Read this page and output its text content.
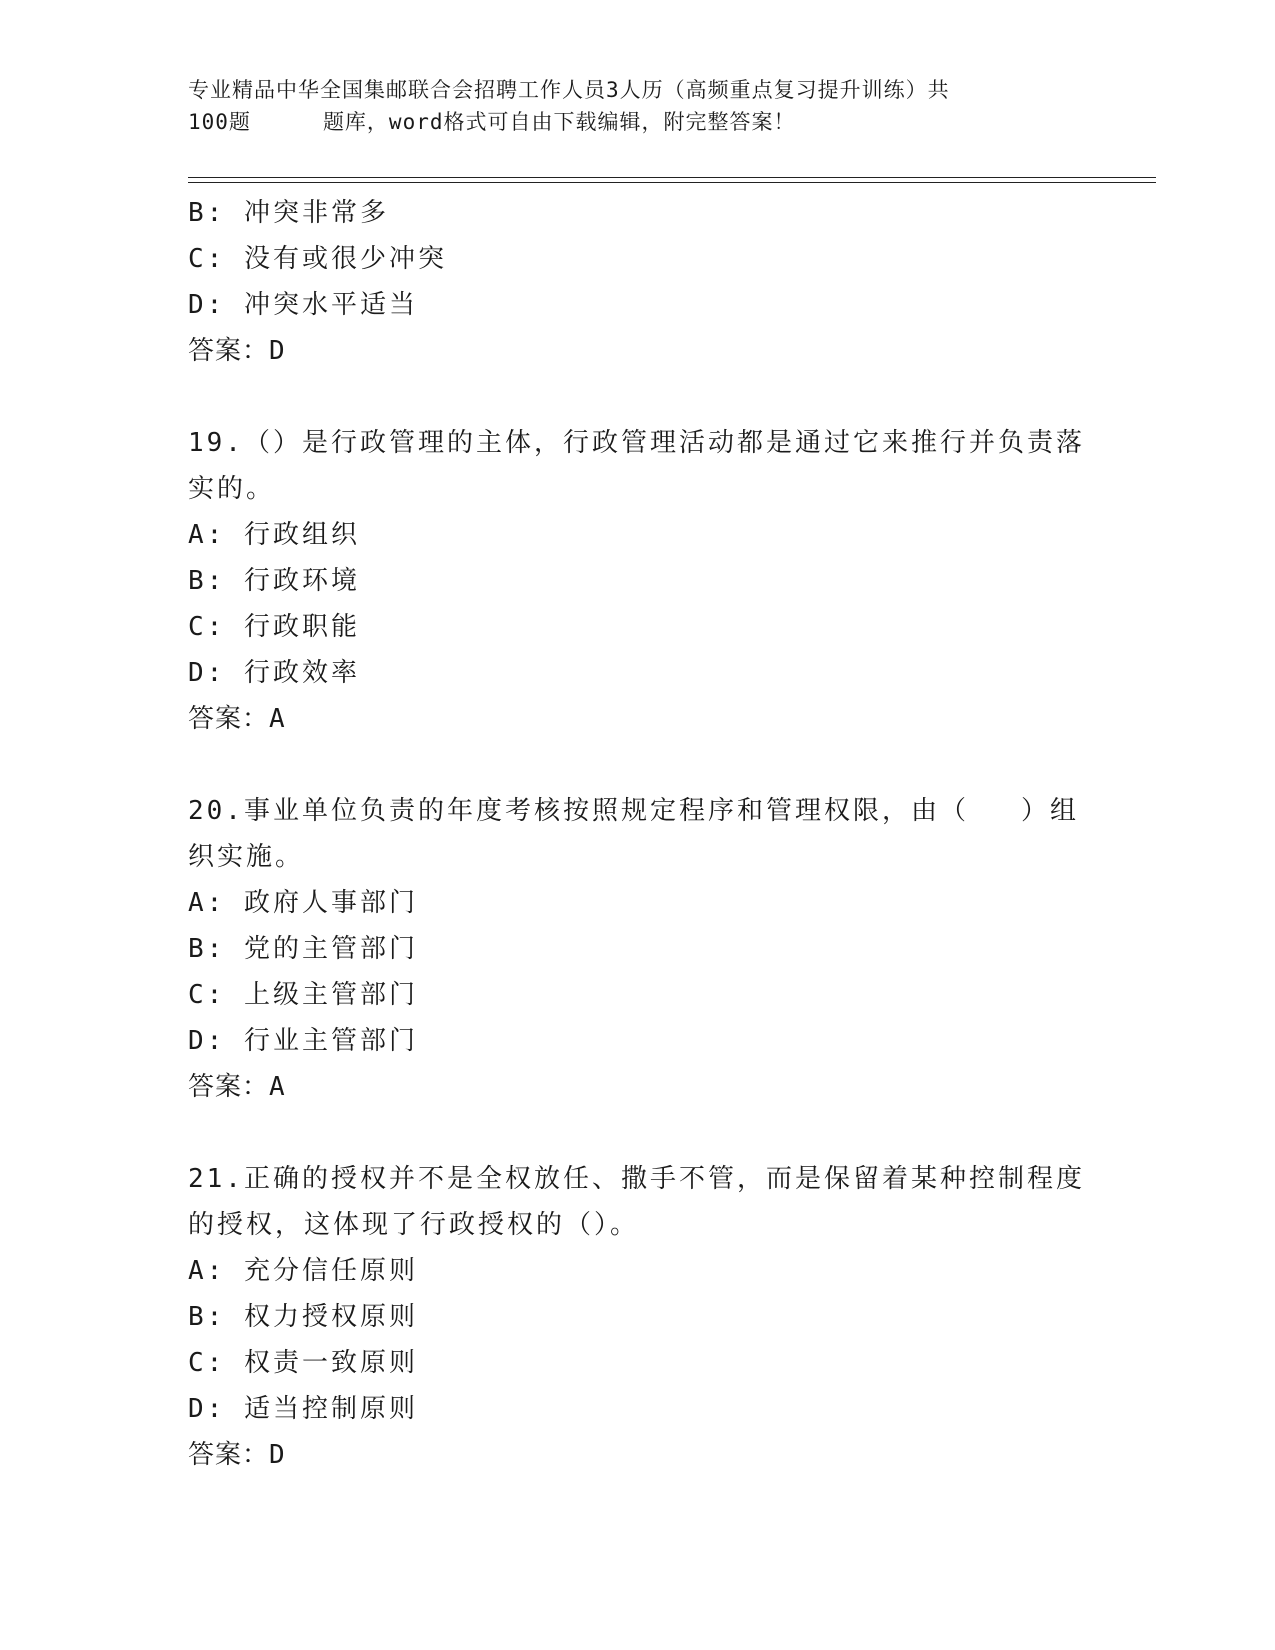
专业精品中华全国集邮联合会招聘工作人员3人历（高频重点复习提升训练）共
100题	题库，word格式可自由下载编辑，附完整答案！
B: 冲突非常多
C: 没有或很少冲突
D: 冲突水平适当
答案：D
19.（）是行政管理的主体，行政管理活动都是通过它来推行并负责落
实的。
A: 行政组织
B: 行政环境
C: 行政职能
D: 行政效率
答案：A
20.事业单位负责的年度考核按照规定程序和管理权限，由（ ）组
织实施。
A: 政府人事部门
B: 党的主管部门
C: 上级主管部门
D: 行业主管部门
答案：A
21.正确的授权并不是全权放任、撒手不管，而是保留着某种控制程度
的授权，这体现了行政授权的（）。
A: 充分信任原则
B: 权力授权原则
C: 权责一致原则
D: 适当控制原则
答案：D
